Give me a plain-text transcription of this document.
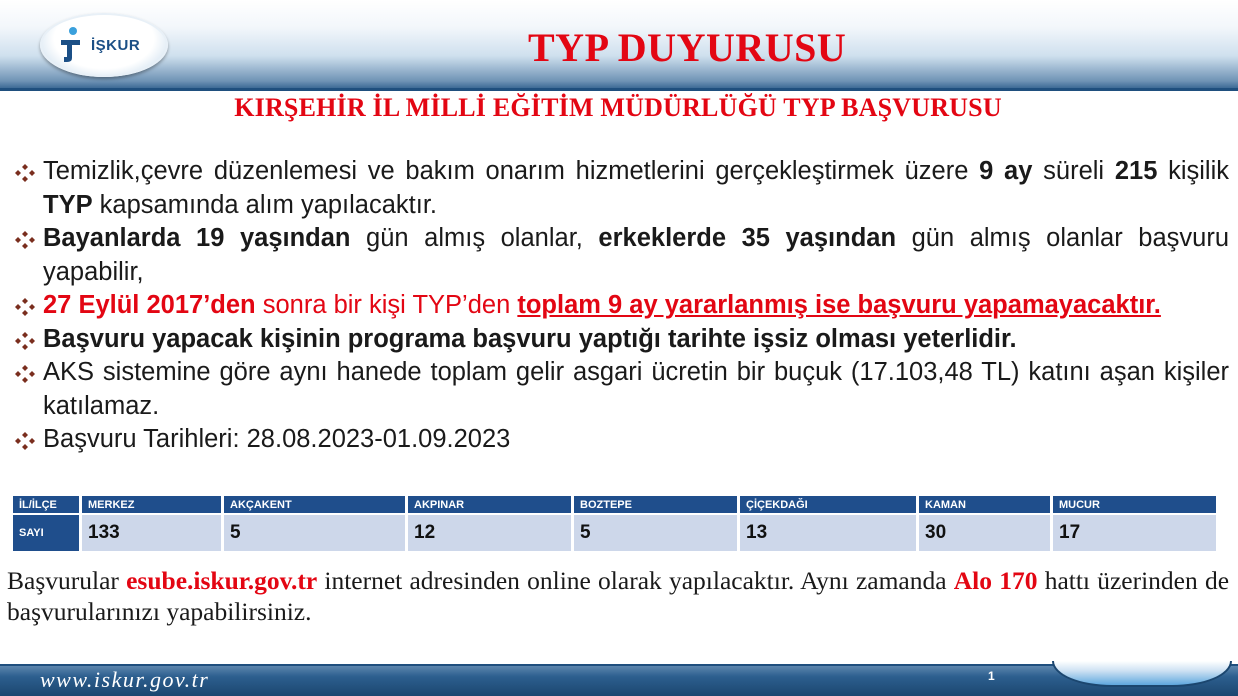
İŞKUR	TYP DUYURUSU
KIRŞEHİR İL MİLLİ EĞİTİM MÜDÜRLÜĞÜ TYP BAŞVURUSU
Temizlik,çevre düzenlemesi ve bakım onarım hizmetlerini gerçekleştirmek üzere 9 ay süreli 215 kişilik TYP kapsamında alım yapılacaktır.
Bayanlarda 19 yaşından gün almış olanlar, erkeklerde 35 yaşından gün almış olanlar başvuru yapabilir,
27 Eylül 2017’den sonra bir kişi TYP’den toplam 9 ay yararlanmış ise başvuru yapamayacaktır.
Başvuru yapacak kişinin programa başvuru yaptığı tarihte işsiz olması yeterlidir.
AKS sistemine göre aynı hanede toplam gelir asgari ücretin bir buçuk (17.103,48 TL) katını aşan kişiler katılamaz.
Başvuru Tarihleri: 28.08.2023-01.09.2023
İL/İLÇE	MERKEZ	AKÇAKENT	AKPINAR	BOZTEPE	ÇİÇEKDAĞI	KAMAN	MUCUR
SAYI	133	5	12	5	13	30	17
Başvurular esube.iskur.gov.tr internet adresinden online olarak yapılacaktır. Aynı zamanda Alo 170 hattı üzerinden de başvurularınızı yapabilirsiniz.
www.iskur.gov.tr	1
